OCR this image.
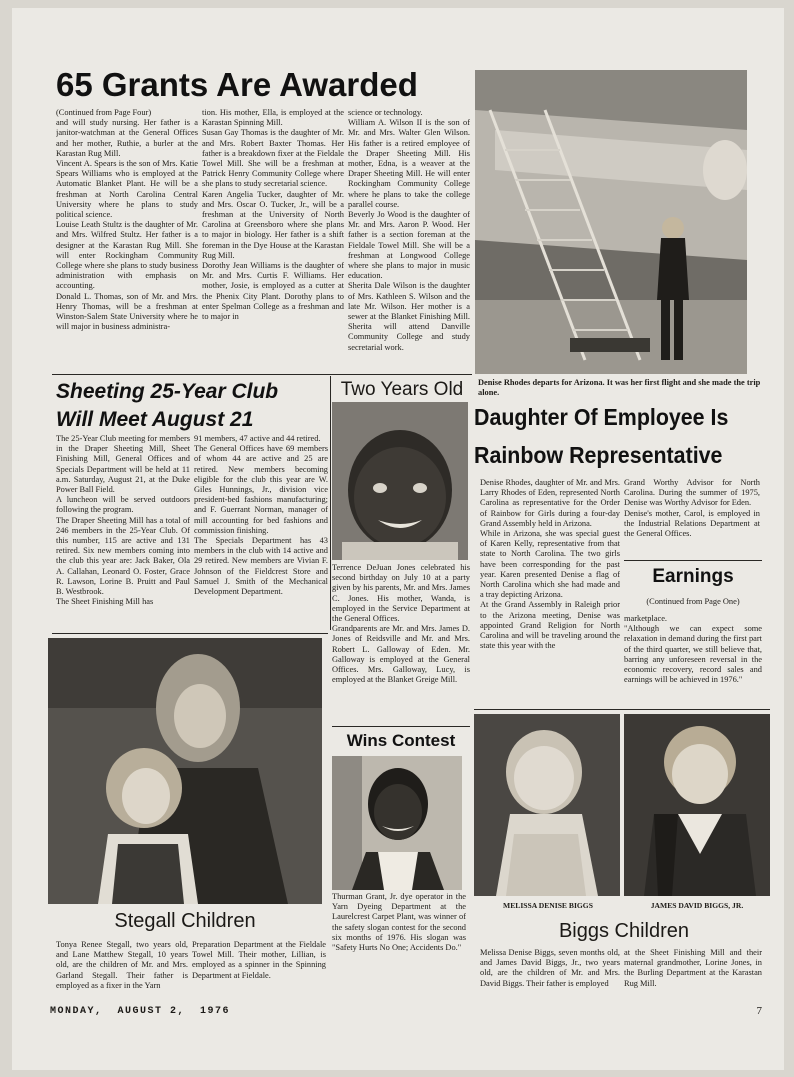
65 Grants Are Awarded
(Continued from Page Four)
and will study nursing. Her father is a janitor-watchman at the General Offices and her mother, Ruthie, a burler at the Karastan Rug Mill.
Vincent A. Spears is the son of Mrs. Katie Spears Williams who is employed at the Automatic Blanket Plant. He will be a freshman at North Carolina Central University where he plans to study political science.
Louise Leath Stultz is the daughter of Mr. and Mrs. Wilfred Stultz. Her father is a designer at the Karastan Rug Mill. She will enter Rockingham Community College where she plans to study business administration with emphasis on accounting.
Donald L. Thomas, son of Mr. and Mrs. Henry Thomas, will be a freshman at Winston-Salem State University where he will major in business administra-
tion. His mother, Ella, is employed at the Karastan Spinning Mill.
Susan Gay Thomas is the daughter of Mr. and Mrs. Robert Baxter Thomas. Her father is a breakdown fixer at the Fieldale Towel Mill. She will be a freshman at Patrick Henry Community College where she plans to study secretarial science.
Karen Angelia Tucker, daughter of Mr. and Mrs. Oscar O. Tucker, Jr., will be a freshman at the University of North Carolina at Greensboro where she plans to major in biology. Her father is a shift foreman in the Dye House at the Karastan Rug Mill.
Dorothy Jean Williams is the daughter of Mr. and Mrs. Curtis F. Williams. Her mother, Josie, is employed as a cutter at the Phenix City Plant. Dorothy plans to enter Spelman College as a freshman and to major in
science or technology.
William A. Wilson II is the son of Mr. and Mrs. Walter Glen Wilson. His father is a retired employee of the Draper Sheeting Mill. His mother, Edna, is a weaver at the Draper Sheeting Mill. He will enter Rockingham Community College where he plans to take the college parallel course.
Beverly Jo Wood is the daughter of Mr. and Mrs. Aaron P. Wood. Her father is a section foreman at the Fieldale Towel Mill. She will be a freshman at Longwood College where she plans to major in music education.
Sherita Dale Wilson is the daughter of Mrs. Kathleen S. Wilson and the late Mr. Wilson. Her mother is a sewer at the Blanket Finishing Mill. Sherita will attend Danville Community College and study secretarial work.
Denise Rhodes departs for Arizona. It was her first flight and she made the trip alone.
Sheeting 25-Year Club
Will Meet August 21
The 25-Year Club meeting for members in the Draper Sheeting Mill, Sheet Finishing Mill, General Offices and Specials Department will be held at 11 a.m. Saturday, August 21, at the Duke Power Ball Field.
A luncheon will be served outdoors following the program.
The Draper Sheeting Mill has a total of 246 members in the 25-Year Club. Of this number, 115 are active and 131 retired. Six new members coming into the club this year are: Jack Baker, Ola A. Callahan, Leonard O. Foster, Grace R. Lawson, Lorine B. Pruitt and Paul B. Westbrook.
The Sheet Finishing Mill has
91 members, 47 active and 44 retired.
The General Offices have 69 members of whom 44 are active and 25 are retired. New members becoming eligible for the club this year are W. Giles Hunnings, Jr., division vice president-bed fashions manufacturing; and F. Guerrant Norman, manager of mill accounting for bed fashions and commission finishing.
The Specials Department has 43 members in the club with 14 active and 29 retired. New members are Vivian F. Johnson of the Fieldcrest Store and Samuel J. Smith of the Mechanical Development Department.
Two Years Old
Terrence DeJuan Jones celebrated his second birthday on July 10 at a party given by his parents, Mr. and Mrs. James C. Jones. His mother, Wanda, is employed in the Service Department at the General Offices.
Grandparents are Mr. and Mrs. James D. Jones of Reidsville and Mr. and Mrs. Robert L. Galloway of Eden. Mr. Galloway is employed at the General Offices. Mrs. Galloway, Lucy, is employed at the Blanket Greige Mill.
Stegall Children
Tonya Renee Stegall, two years old, and Lane Matthew Stegall, 10 years old, are the children of Mr. and Mrs. Garland Stegall. Their father is employed as a fixer in the Yarn
Preparation Department at the Fieldale Towel Mill. Their mother, Lillian, is employed as a spinner in the Spinning Department at Fieldale.
Wins Contest
Thurman Grant, Jr. dye operator in the Yarn Dyeing Department at the Laurelcrest Carpet Plant, was winner of the safety slogan contest for the second six months of 1976. His slogan was "Safety Hurts No One; Accidents Do."
Daughter Of Employee Is
Rainbow Representative
Denise Rhodes, daughter of Mr. and Mrs. Larry Rhodes of Eden, represented North Carolina as representative for the Order of Rainbow for Girls during a four-day Grand Assembly held in Arizona.
While in Arizona, she was special guest of Karen Kelly, representative from that state to North Carolina. The two girls have been corresponding for the past year. Karen presented Denise a flag of North Carolina which she had made and a tray depicting Arizona.
At the Grand Assembly in Raleigh prior to the Arizona meeting, Denise was appointed Grand Religion for North Carolina and will be traveling around the state this year with the
Grand Worthy Advisor for North Carolina. During the summer of 1975, Denise was Worthy Advisor for Eden.
Denise's mother, Carol, is employed in the Industrial Relations Department at the General Offices.
Earnings
(Continued from Page One)
marketplace.
"Although we can expect some relaxation in demand during the first part of the third quarter, we still believe that, barring any unforeseen reversal in the economic recovery, record sales and earnings will be achieved in 1976."
MELISSA DENISE BIGGS	JAMES DAVID BIGGS, JR.
Biggs Children
Melissa Denise Biggs, seven months old, and James David Biggs, Jr., two years old, are the children of Mr. and Mrs. David Biggs. Their father is employed
at the Sheet Finishing Mill and their maternal grandmother, Lorine Jones, in the Burling Department at the Karastan Rug Mill.
MONDAY,  AUGUST 2,  1976	7
